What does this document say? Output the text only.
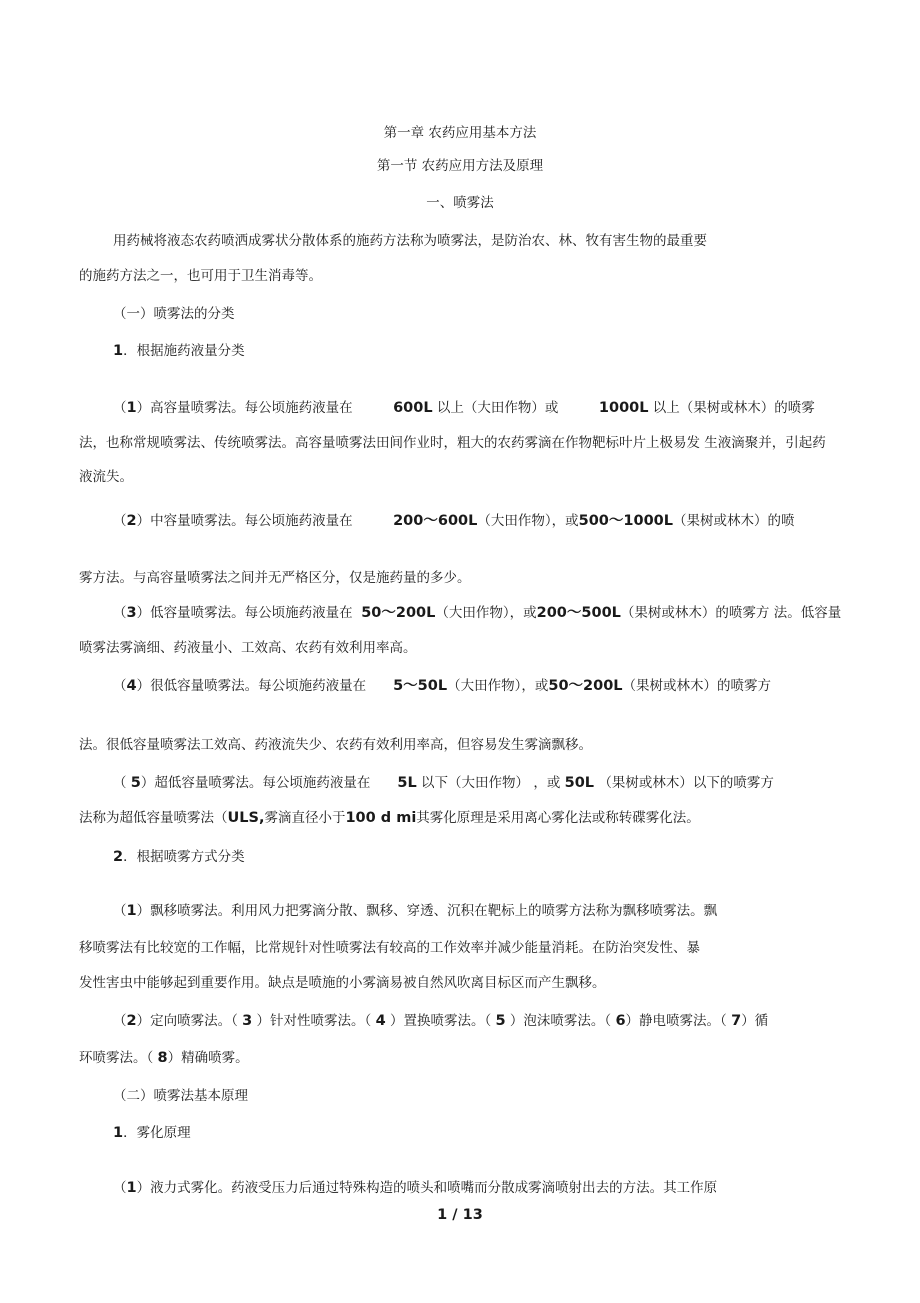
第一章 农药应用基本方法
第一节 农药应用方法及原理
一、喷雾法
用药械将液态农药喷洒成雾状分散体系的施药方法称为喷雾法，是防治农、林、牧有害生物的最重要
的施药方法之一，也可用于卫生消毒等。
（一）喷雾法的分类
1．根据施药液量分类
（1）高容量喷雾法。每公顷施药液量在　　　600L 以上（大田作物）或　　　1000L 以上（果树或林木）的喷雾
法，也称常规喷雾法、传统喷雾法。高容量喷雾法田间作业时，粗大的农药雾滴在作物靶标叶片上极易发 生液滴聚并，引起药
液流失。
（2）中容量喷雾法。每公顷施药液量在　　　200～600L（大田作物），或500～1000L（果树或林木）的喷
雾方法。与高容量喷雾法之间并无严格区分，仅是施药量的多少。
（3）低容量喷雾法。每公顷施药液量在  50～200L（大田作物），或200～500L（果树或林木）的喷雾方 法。低容量
喷雾法雾滴细、药液量小、工效高、农药有效利用率高。
（4）很低容量喷雾法。每公顷施药液量在　　5～50L（大田作物），或50～200L（果树或林木）的喷雾方
法。很低容量喷雾法工效高、药液流失少、农药有效利用率高，但容易发生雾滴飘移。
（ 5）超低容量喷雾法。每公顷施药液量在　　5L 以下（大田作物） ，或 50L （果树或林木）以下的喷雾方
法称为超低容量喷雾法（ULS,雾滴直径小于100 d mi其雾化原理是采用离心雾化法或称转碟雾化法。
2．根据喷雾方式分类
（1）飘移喷雾法。利用风力把雾滴分散、飘移、穿透、沉积在靶标上的喷雾方法称为飘移喷雾法。飘
移喷雾法有比较宽的工作幅，比常规针对性喷雾法有较高的工作效率并减少能量消耗。在防治突发性、暴
发性害虫中能够起到重要作用。缺点是喷施的小雾滴易被自然风吹离目标区而产生飘移。
（2）定向喷雾法。（ 3 ）针对性喷雾法。（ 4 ）置换喷雾法。（ 5 ）泡沫喷雾法。（ 6）静电喷雾法。（ 7）循
环喷雾法。（ 8）精确喷雾。
（二）喷雾法基本原理
1．雾化原理
（1）液力式雾化。药液受压力后通过特殊构造的喷头和喷嘴而分散成雾滴喷射出去的方法。其工作原
1 / 13
